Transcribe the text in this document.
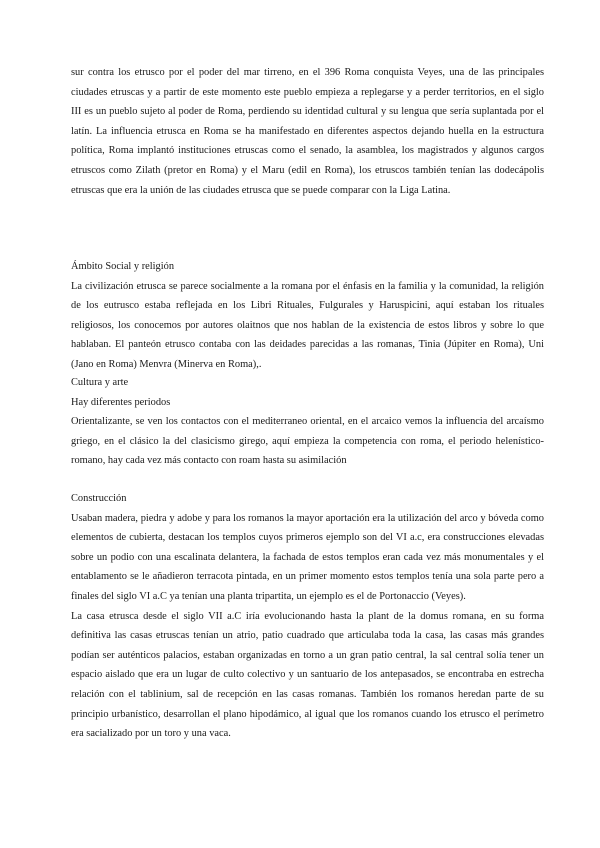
sur contra los etrusco por el poder del mar tirreno, en el 396 Roma conquista Veyes, una de las principales ciudades etruscas y a partir de este momento este pueblo empieza a replegarse y a perder territorios, en el siglo III es un pueblo sujeto al poder de Roma, perdiendo su identidad cultural y su lengua que sería suplantada por el latín. La influencia etrusca en Roma se ha manifestado en diferentes aspectos dejando huella en la estructura política, Roma implantó instituciones etruscas como el senado, la asamblea, los magistrados y algunos cargos etruscos como Zilath (pretor en Roma) y el Maru (edil en Roma), los etruscos también tenían las dodecápolis etruscas que era la unión de las ciudades etrusca que se puede comparar con la Liga Latina.

Ámbito Social y religión

La civilización etrusca se parece socialmente a la romana por el énfasis en la familia y la comunidad, la religión de los eutrusco estaba reflejada en los Libri Rituales, Fulgurales y Haruspicini, aquí estaban los rituales religiosos, los conocemos por autores olaitnos que nos hablan de la existencia de estos libros y sobre lo que hablaban. El panteón etrusco contaba con las deidades parecidas a las romanas, Tinia (Júpiter en Roma), Uni (Jano en Roma) Menvra (Minerva en Roma),.

Cultura y arte

Hay diferentes periodos

Orientalizante, se ven los contactos con el mediterraneo oriental, en el arcaico vemos la influencia del arcaísmo griego, en el clásico la del clasicismo girego, aquí empieza la competencia con roma, el periodo helenístico-romano, hay cada vez más contacto con roam hasta su asimilación

Construcción

Usaban madera, piedra y adobe y para los romanos la mayor aportación era la utilización del arco y bóveda como elementos de cubierta, destacan los templos cuyos primeros ejemplo son del VI a.c, era construcciones elevadas sobre un podio con una escalinata delantera, la fachada de estos templos eran cada vez más monumentales y el entablamento se le añadieron terracota pintada, en un primer momento estos templos tenía una sola parte pero a finales del siglo VI a.C ya tenían una planta tripartita, un ejemplo es el de Portonaccio (Veyes).

La casa etrusca desde el siglo VII a.C iría evolucionando hasta la plant de la domus romana, en su forma definitiva las casas etruscas tenían un atrio, patio cuadrado que articulaba toda la casa, las casas más grandes podían ser auténticos palacios, estaban organizadas en torno a un gran patio central, la sal central solía tener un espacio aislado que era un lugar de culto colectivo y un santuario de los antepasados, se encontraba en estrecha relación con el tablinium, sal de recepción en las casas romanas. También los romanos heredan parte de su principio urbanístico, desarrollan el plano hipodámico, al igual que los romanos cuando los etrusco el perímetro era sacializado por un toro y una vaca.
